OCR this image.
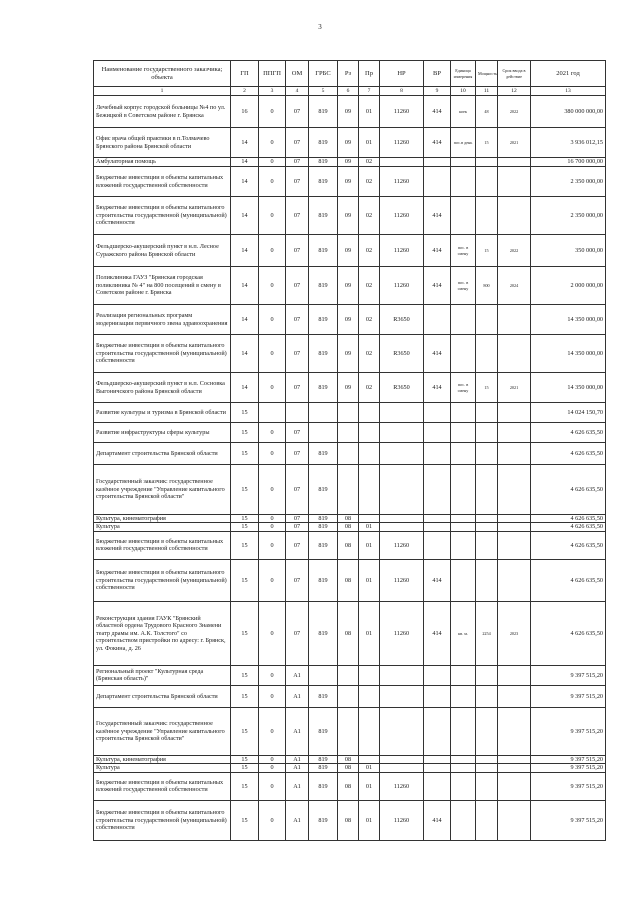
3
Наименование государственного заказчика; объекта	ГП	ППГП	ОМ	ГРБС	Рз	Пр	НР	ВР	Единица измерения	Мощность	Срок ввода в действие	2021 год
1	2	3	4	5	6	7	8	9	10	11	12	13
Лечебный корпус городской больницы №4 по ул. Бежицкой в Советском районе г. Брянска	16	0	07	819	09	01	11260	414	коек	48	2022	380 000 000,00
Офис врача общей практики в п.Толмачево Брянского района Брянской области	14	0	07	819	09	01	11260	414	пос.в день	15	2021	3 936 012,15
Амбулаторная помощь	14	0	07	819	09	02						16 700 000,00
Бюджетные инвестиции в объекты капитальных вложений государственной собственности	14	0	07	819	09	02	11260					2 350 000,00
Бюджетные инвестиции в объекты капитального строительства государственной (муниципальной) собственности	14	0	07	819	09	02	11260	414				2 350 000,00
Фельдшерско-акушерский пункт в н.п. Лесное Суражского района Брянской области	14	0	07	819	09	02	11260	414	пос. в смену	15	2022	350 000,00
Поликлиника ГАУЗ "Брянская городская поликлиника № 4" на 800 посещений в смену в Советском районе г. Брянска	14	0	07	819	09	02	11260	414	пос. в смену	800	2024	2 000 000,00
Реализация региональных программ модернизации первичного звена здравоохранения	14	0	07	819	09	02	R3650					14 350 000,00
Бюджетные инвестиции в объекты капитального строительства государственной (муниципальной) собственности	14	0	07	819	09	02	R3650	414				14 350 000,00
Фельдшерско-акушерский пункт в н.п. Сосновка Выгоничского района Брянской области	14	0	07	819	09	02	R3650	414	пос. в смену	15	2021	14 350 000,00
Развитие культуры и туризма в Брянской области	15											14 024 150,70
Развитие инфраструктуры сферы культуры	15	0	07									4 626 635,50
Департамент строительства Брянской области	15	0	07	819								4 626 635,50
Государственный заказчик: государственное казённое учреждение "Управление капитального строительства Брянской области"	15	0	07	819								4 626 635,50
Культура, кинематография	15	0	07	819	08							4 626 635,50
Культура	15	0	07	819	08	01						4 626 635,50
Бюджетные инвестиции в объекты капитальных вложений государственной собственности	15	0	07	819	08	01	11260					4 626 635,50
Бюджетные инвестиции в объекты капитального строительства государственной (муниципальной) собственности	15	0	07	819	08	01	11260	414				4 626 635,50
Реконструкция здания ГАУК "Брянский областной ордена Трудового Красного Знамени театр драмы им. А.К. Толстого" со строительством пристройки по адресу: г. Брянск, ул. Фокина, д. 26	15	0	07	819	08	01	11260	414	кв. м.	2254	2023	4 626 635,50
Региональный проект "Культурная среда (Брянская область)"	15	0	A1									9 397 515,20
Департамент строительства Брянской области	15	0	A1	819								9 397 515,20
Государственный заказчик: государственное казённое учреждение "Управление капитального строительства Брянской области"	15	0	A1	819								9 397 515,20
Культура, кинематография	15	0	A1	819	08							9 397 515,20
Культура	15	0	A1	819	08	01						9 397 515,20
Бюджетные инвестиции в объекты капитальных вложений государственной собственности	15	0	A1	819	08	01	11260					9 397 515,20
Бюджетные инвестиции в объекты капитального строительства государственной (муниципальной) собственности	15	0	A1	819	08	01	11260	414				9 397 515,20
